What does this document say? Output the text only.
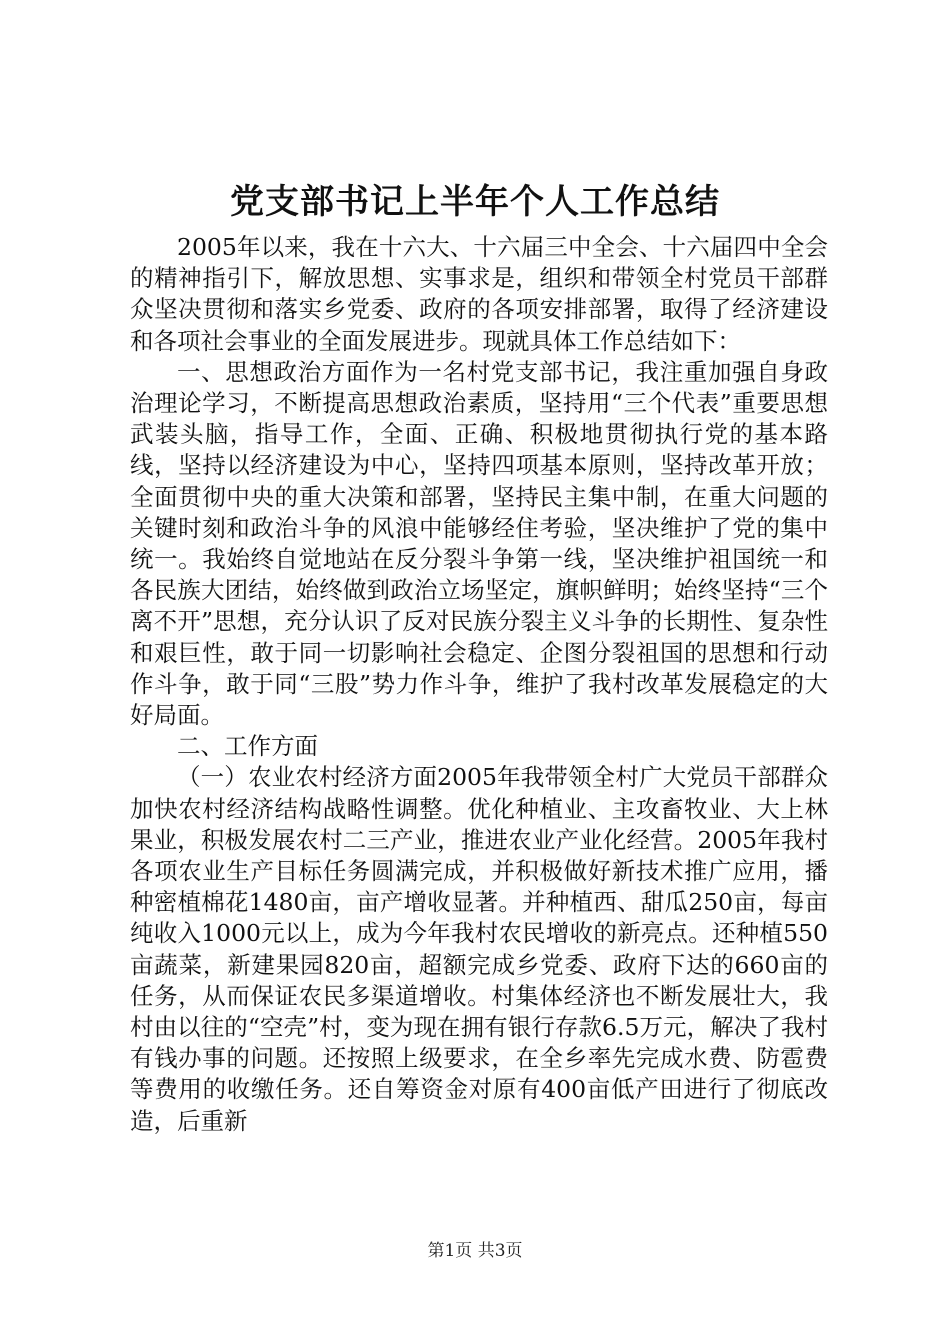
党支部书记上半年个人工作总结

2005年以来，我在十六大、十六届三中全会、十六届四中全会的精神指引下，解放思想、实事求是，组织和带领全村党员干部群众坚决贯彻和落实乡党委、政府的各项安排部署，取得了经济建设和各项社会事业的全面发展进步。现就具体工作总结如下：

一、思想政治方面作为一名村党支部书记，我注重加强自身政治理论学习，不断提高思想政治素质，坚持用“三个代表”重要思想武装头脑，指导工作，全面、正确、积极地贯彻执行党的基本路线，坚持以经济建设为中心，坚持四项基本原则，坚持改革开放；全面贯彻中央的重大决策和部署，坚持民主集中制，在重大问题的关键时刻和政治斗争的风浪中能够经住考验，坚决维护了党的集中统一。我始终自觉地站在反分裂斗争第一线，坚决维护祖国统一和各民族大团结，始终做到政治立场坚定，旗帜鲜明；始终坚持“三个离不开”思想，充分认识了反对民族分裂主义斗争的长期性、复杂性和艰巨性，敢于同一切影响社会稳定、企图分裂祖国的思想和行动作斗争，敢于同“三股”势力作斗争，维护了我村改革发展稳定的大好局面。

二、工作方面

（一）农业农村经济方面2005年我带领全村广大党员干部群众加快农村经济结构战略性调整。优化种植业、主攻畜牧业、大上林果业，积极发展农村二三产业，推进农业产业化经营。2005年我村各项农业生产目标任务圆满完成，并积极做好新技术推广应用，播种密植棉花1480亩，亩产增收显著。并种植西、甜瓜250亩，每亩纯收入1000元以上，成为今年我村农民增收的新亮点。还种植550亩蔬菜，新建果园820亩，超额完成乡党委、政府下达的660亩的任务，从而保证农民多渠道增收。村集体经济也不断发展壮大，我村由以往的“空壳”村，变为现在拥有银行存款6.5万元，解决了我村有钱办事的问题。还按照上级要求，在全乡率先完成水费、防雹费等费用的收缴任务。还自筹资金对原有400亩低产田进行了彻底改造，后重新

第1页 共3页
